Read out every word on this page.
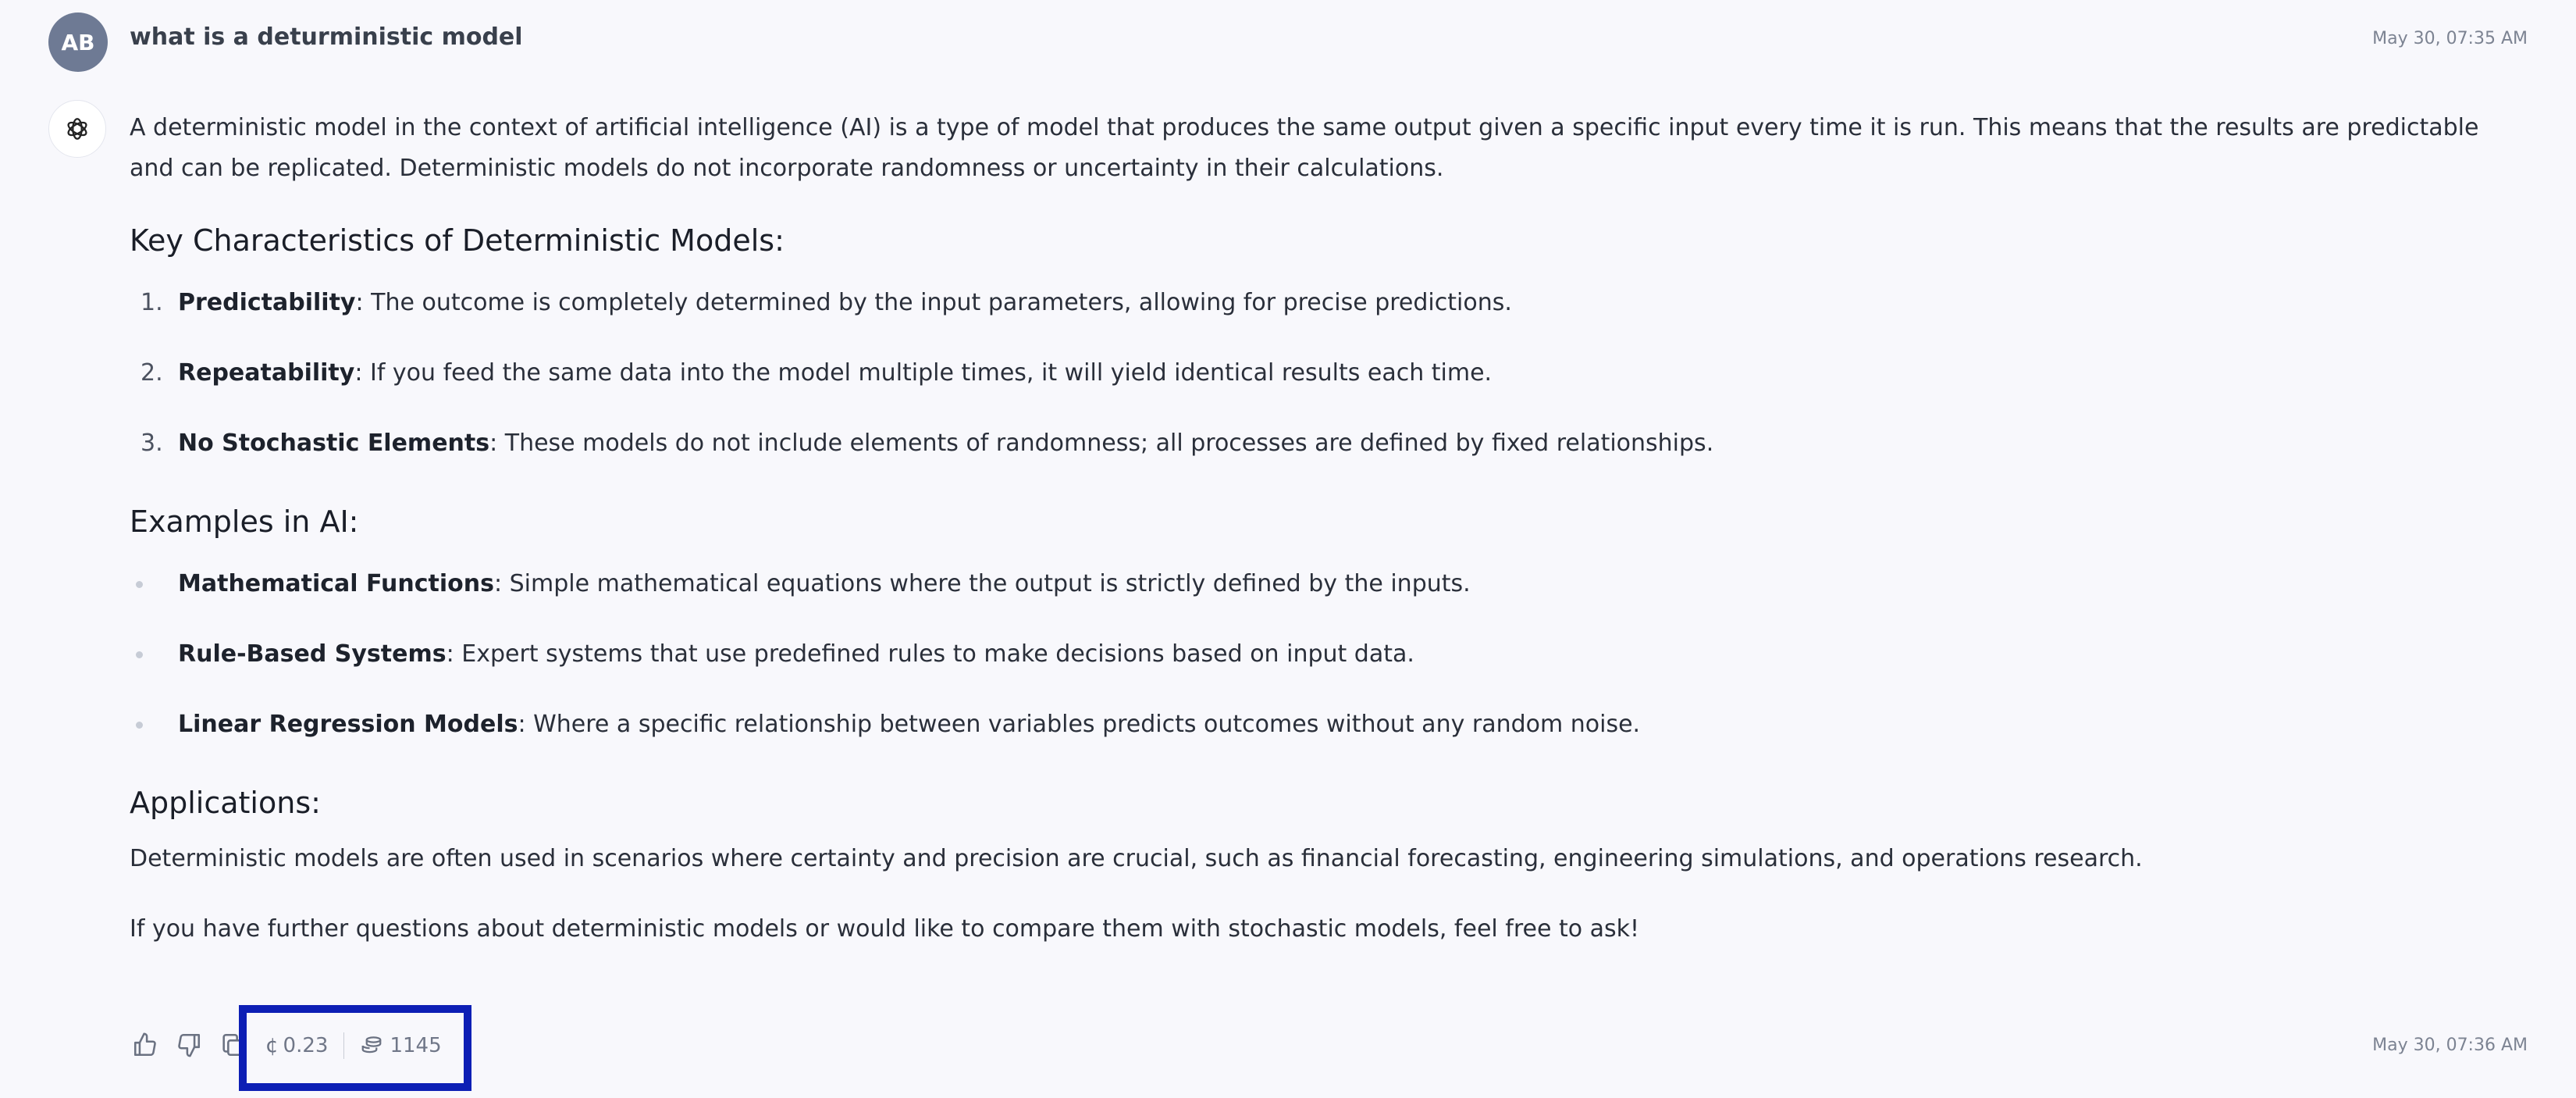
AB what is a deturministic model	May 30, 07:35 AM

A deterministic model in the context of artificial intelligence (AI) is a type of model that produces the same output given a specific input every time it is run. This means that the results are predictable and can be replicated. Deterministic models do not incorporate randomness or uncertainty in their calculations.

Key Characteristics of Deterministic Models:
1. Predictability: The outcome is completely determined by the input parameters, allowing for precise predictions.
2. Repeatability: If you feed the same data into the model multiple times, it will yield identical results each time.
3. No Stochastic Elements: These models do not include elements of randomness; all processes are defined by fixed relationships.
Examples in AI:
Mathematical Functions: Simple mathematical equations where the output is strictly defined by the inputs.
Rule-Based Systems: Expert systems that use predefined rules to make decisions based on input data.
Linear Regression Models: Where a specific relationship between variables predicts outcomes without any random noise.
Applications:

Deterministic models are often used in scenarios where certainty and precision are crucial, such as financial forecasting, engineering simulations, and operations research.

If you have further questions about deterministic models or would like to compare them with stochastic models, feel free to ask!

¢ 0.23	1145	May 30, 07:36 AM
